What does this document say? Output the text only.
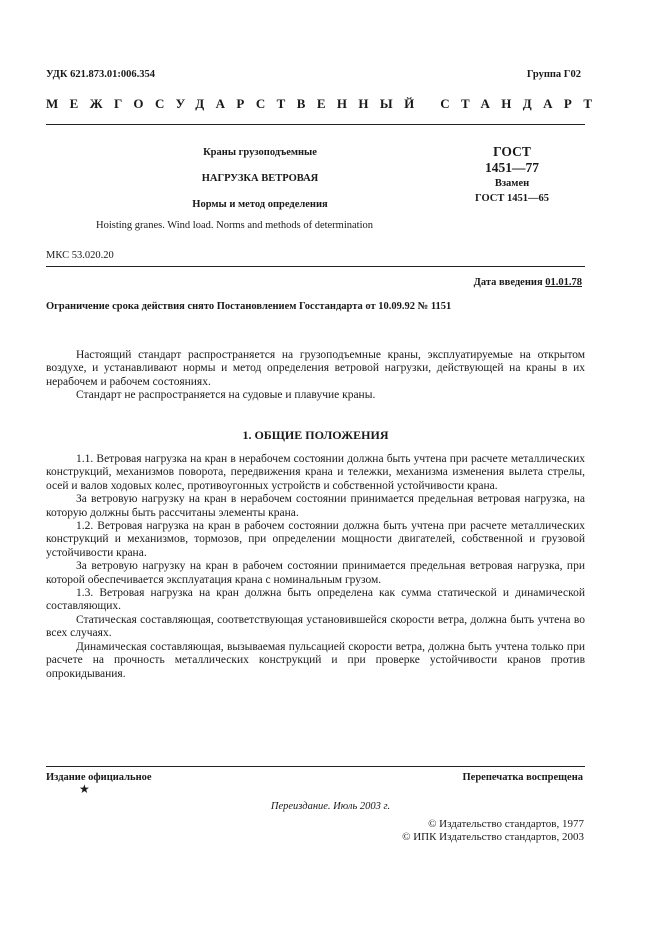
УДК 621.873.01:006.354	Группа Г02
МЕЖГОСУДАРСТВЕННЫЙ СТАНДАРТ
Краны грузоподъемные
НАГРУЗКА ВЕТРОВАЯ
Нормы и метод определения
ГОСТ
1451—77
Взамен
ГОСТ 1451—65
Hoisting granes. Wind load. Norms and methods of determination
МКС 53.020.20
Дата введения 01.01.78
Ограничение срока действия снято Постановлением Госстандарта от 10.09.92 № 1151

Настоящий стандарт распространяется на грузоподъемные краны, эксплуатируемые на открытом воздухе, и устанавливают нормы и метод определения ветровой нагрузки, действующей на краны в их нерабочем и рабочем состояниях.

Стандарт не распространяется на судовые и плавучие краны.

1. ОБЩИЕ ПОЛОЖЕНИЯ

1.1. Ветровая нагрузка на кран в нерабочем состоянии должна быть учтена при расчете металлических конструкций, механизмов поворота, передвижения крана и тележки, механизма изменения вылета стрелы, осей и валов ходовых колес, противоугонных устройств и собственной устойчивости крана.

За ветровую нагрузку на кран в нерабочем состоянии принимается предельная ветровая нагрузка, на которую должны быть рассчитаны элементы крана.

1.2. Ветровая нагрузка на кран в рабочем состоянии должна быть учтена при расчете металлических конструкций и механизмов, тормозов, при определении мощности двигателей, собственной и грузовой устойчивости крана.

За ветровую нагрузку на кран в рабочем состоянии принимается предельная ветровая нагрузка, при которой обеспечивается эксплуатация крана с номинальным грузом.

1.3. Ветровая нагрузка на кран должна быть определена как сумма статической и динамической составляющих.

Статическая составляющая, соответствующая установившейся скорости ветра, должна быть учтена во всех случаях.

Динамическая составляющая, вызываемая пульсацией скорости ветра, должна быть учтена только при расчете на прочность металлических конструкций и при проверке устойчивости кранов против опрокидывания.

Издание официальное
★
Перепечатка воспрещена
Переиздание. Июль 2003 г.
© Издательство стандартов, 1977
© ИПК Издательство стандартов, 2003
